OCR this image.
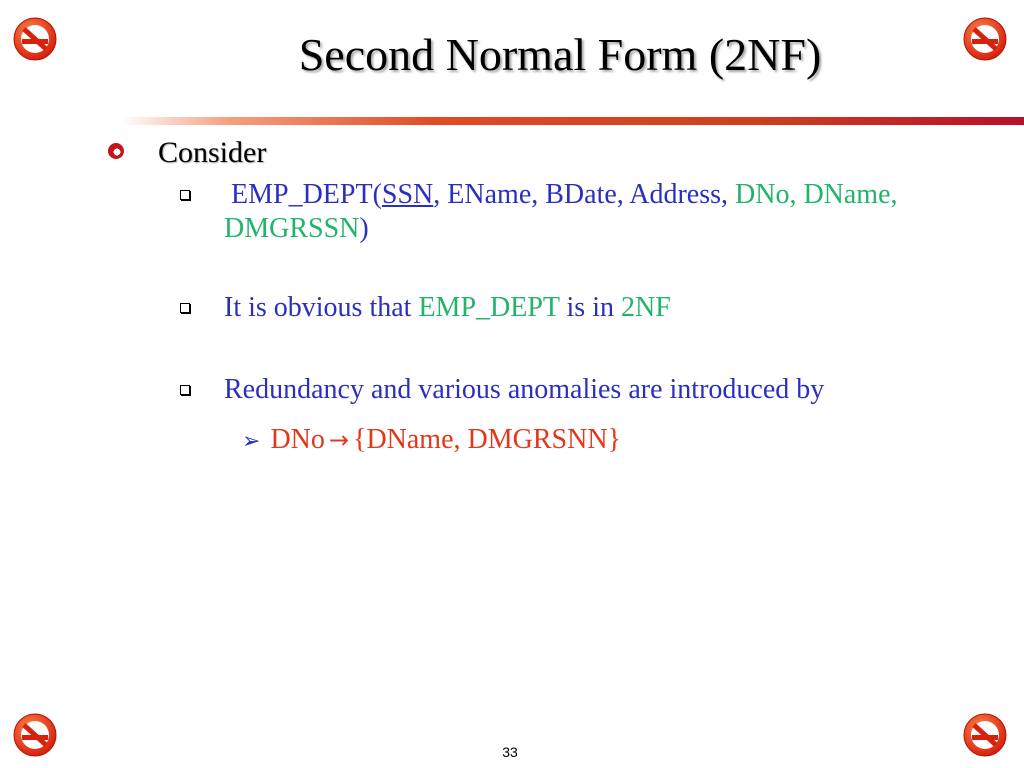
Second Normal Form (2NF)
Consider
EMP_DEPT(SSN, EName, BDate, Address, DNo, DName, DMGRSSN)
It is obvious that EMP_DEPT is in 2NF
Redundancy and various anomalies are introduced by
➢ DNo → {DName, DMGRSNN}
33
